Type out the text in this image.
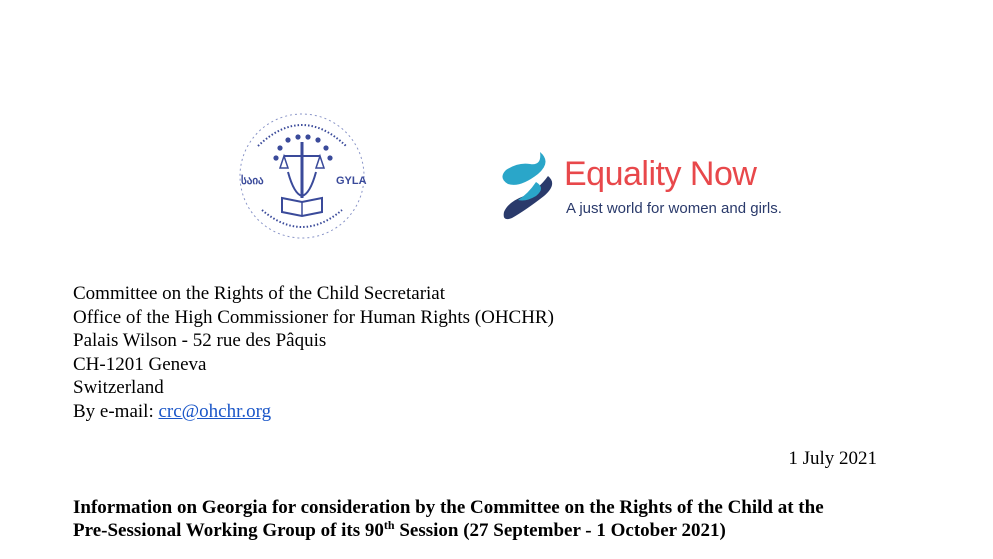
საია	GYLA	Equality Now
A just world for women and girls.
Committee on the Rights of the Child Secretariat
Office of the High Commissioner for Human Rights (OHCHR)
Palais Wilson - 52 rue des Pâquis
CH-1201 Geneva
Switzerland
By e-mail: crc@ohchr.org
1 July 2021
Information on Georgia for consideration by the Committee on the Rights of the Child at the
Pre-Sessional Working Group of its 90th Session (27 September - 1 October 2021)
